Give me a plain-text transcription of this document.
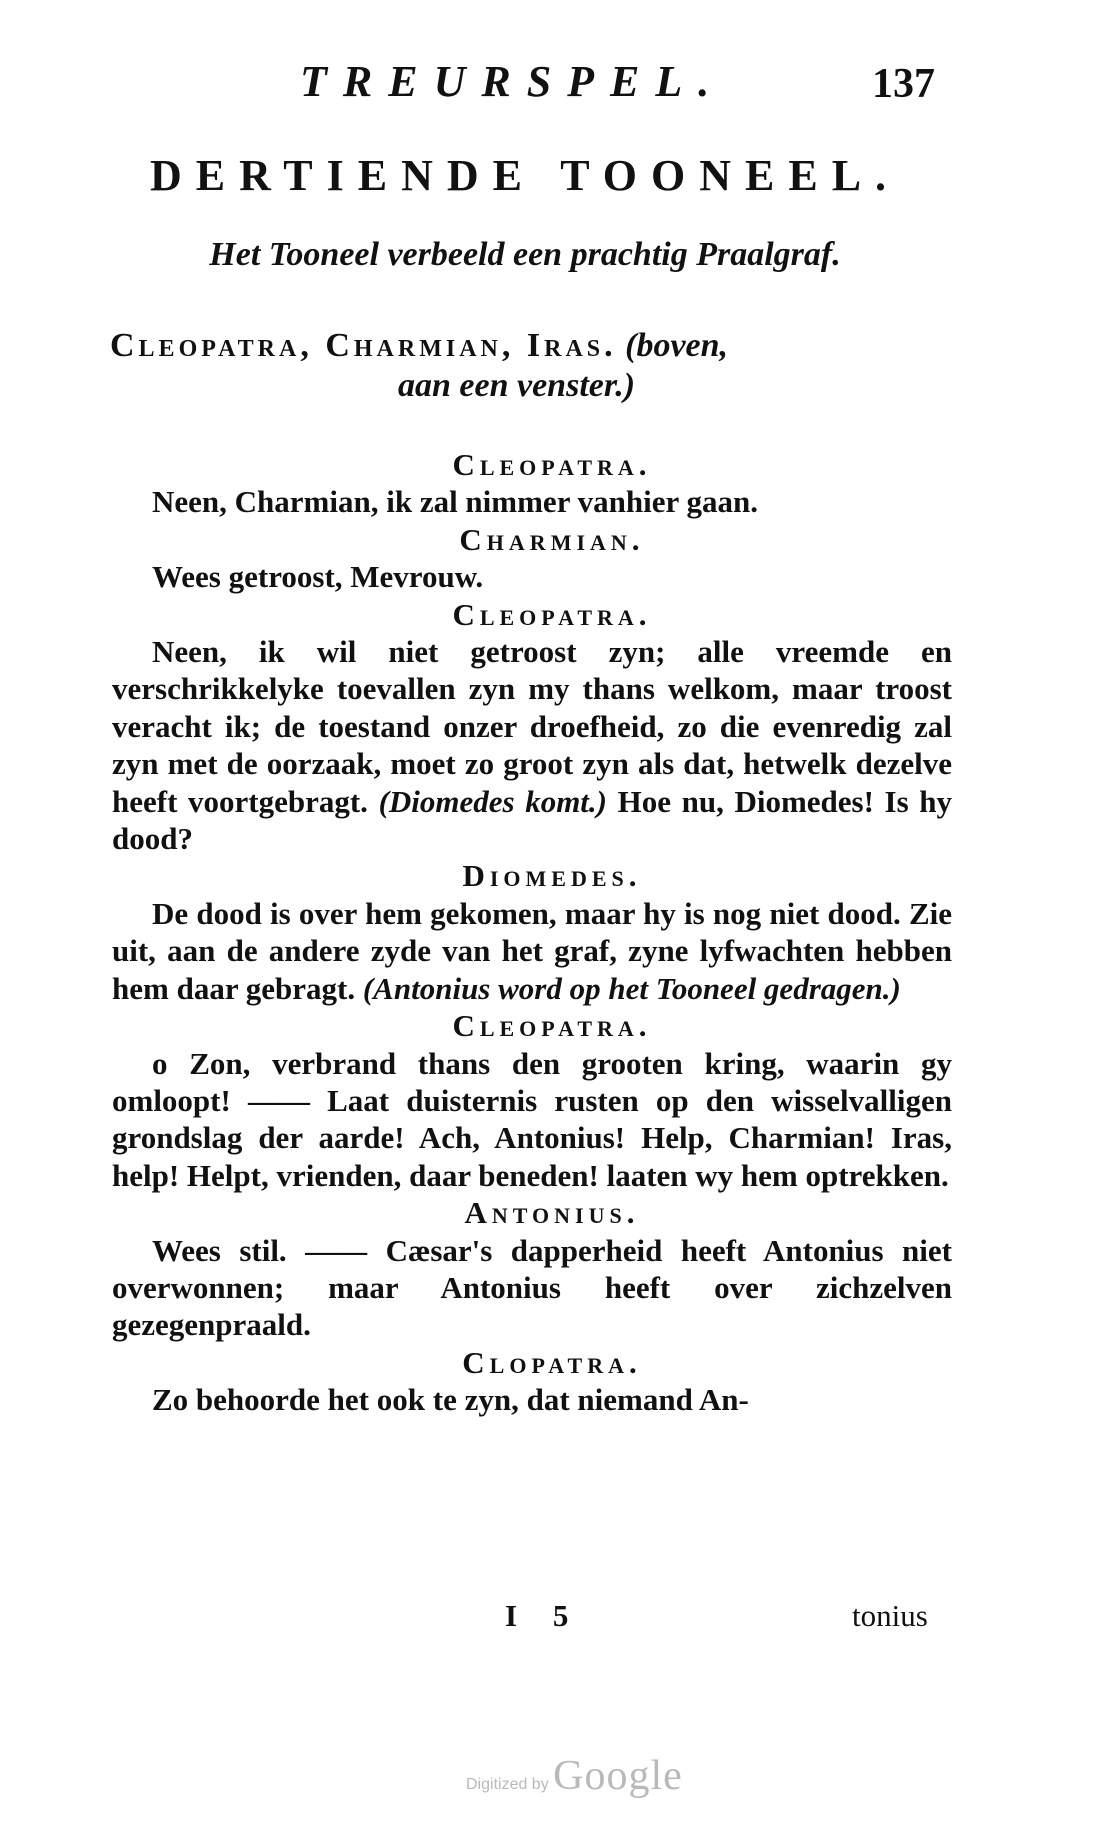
TREURSPEL.	137
DERTIENDE TOONEEL.
Het Tooneel verbeeld een prachtig Praalgraf.
Cleopatra, Charmian, Iras. (boven,
aan een venster.)

Cleopatra.

Neen, Charmian, ik zal nimmer vanhier gaan.

Charmian.

Wees getroost, Mevrouw.

Cleopatra.

Neen, ik wil niet getroost zyn; alle vreemde en verschrikkelyke toevallen zyn my thans welkom, maar troost veracht ik; de toestand onzer droefheid, zo die evenredig zal zyn met de oorzaak, moet zo groot zyn als dat, hetwelk dezelve heeft voortgebragt. (Diomedes komt.) Hoe nu, Diomedes! Is hy dood?

Diomedes.

De dood is over hem gekomen, maar hy is nog niet dood. Zie uit, aan de andere zyde van het graf, zyne lyfwachten hebben hem daar gebragt. (Antonius word op het Tooneel gedragen.)

Cleopatra.

o Zon, verbrand thans den grooten kring, waarin gy omloopt! —— Laat duisternis rusten op den wisselvalligen grondslag der aarde! Ach, Antonius! Help, Charmian! Iras, help! Helpt, vrienden, daar beneden! laaten wy hem optrekken.

Antonius.

Wees stil. —— Cæsar's dapperheid heeft Antonius niet overwonnen; maar Antonius heeft over zichzelven gezegenpraald.

Clopatra.

Zo behoorde het ook te zyn, dat niemand An-

I 5	tonius
Digitized by Google
